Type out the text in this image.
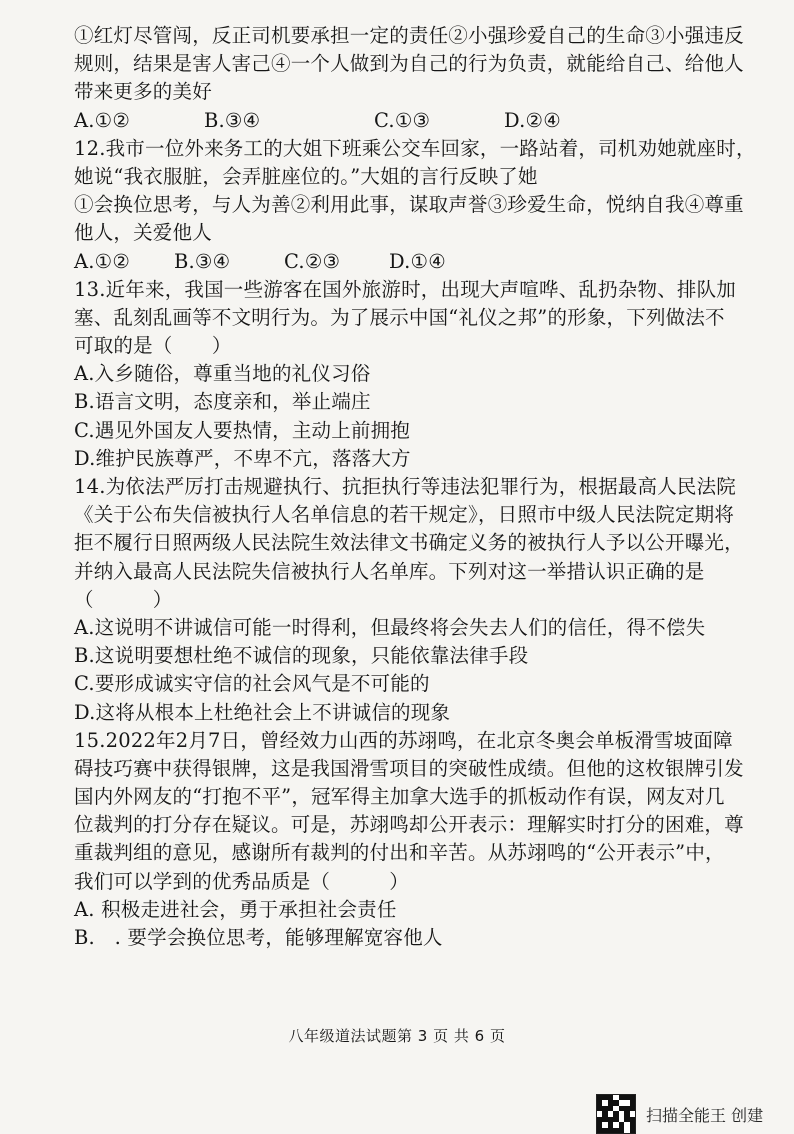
①红灯尽管闯，反正司机要承担一定的责任②小强珍爱自己的生命③小强违反
规则，结果是害人害己④一个人做到为自己的行为负责，就能给自己、给他人
带来更多的美好
A.①②	B.③④	C.①③	D.②④
12.我市一位外来务工的大姐下班乘公交车回家，一路站着，司机劝她就座时，
她说“我衣服脏，会弄脏座位的。”大姐的言行反映了她
①会换位思考，与人为善②利用此事，谋取声誉③珍爱生命，悦纳自我④尊重
他人，关爱他人
A.①②	B.③④	C.②③	D.①④
13.近年来，我国一些游客在国外旅游时，出现大声喧哗、乱扔杂物、排队加
塞、乱刻乱画等不文明行为。为了展示中国“礼仪之邦”的形象，下列做法不
可取的是（　　）
A.入乡随俗，尊重当地的礼仪习俗
B.语言文明，态度亲和，举止端庄
C.遇见外国友人要热情，主动上前拥抱
D.维护民族尊严，不卑不亢，落落大方
14.为依法严厉打击规避执行、抗拒执行等违法犯罪行为，根据最高人民法院
《关于公布失信被执行人名单信息的若干规定》，日照市中级人民法院定期将
拒不履行日照两级人民法院生效法律文书确定义务的被执行人予以公开曝光，
并纳入最高人民法院失信被执行人名单库。下列对这一举措认识正确的是
（　　　）
A.这说明不讲诚信可能一时得利，但最终将会失去人们的信任，得不偿失
B.这说明要想杜绝不诚信的现象，只能依靠法律手段
C.要形成诚实守信的社会风气是不可能的
D.这将从根本上杜绝社会上不讲诚信的现象
15.2022年2月7日，曾经效力山西的苏翊鸣，在北京冬奥会单板滑雪坡面障
碍技巧赛中获得银牌，这是我国滑雪项目的突破性成绩。但他的这枚银牌引发
国内外网友的“打抱不平”，冠军得主加拿大选手的抓板动作有误，网友对几
位裁判的打分存在疑议。可是，苏翊鸣却公开表示：理解实时打分的困难，尊
重裁判组的意见，感谢所有裁判的付出和辛苦。从苏翊鸣的“公开表示”中，
我们可以学到的优秀品质是（　　　）
A. 积极走进社会，勇于承担社会责任
B.　. 要学会换位思考，能够理解宽容他人
八年级道法试题第 3 页 共 6 页
扫描全能王 创建
